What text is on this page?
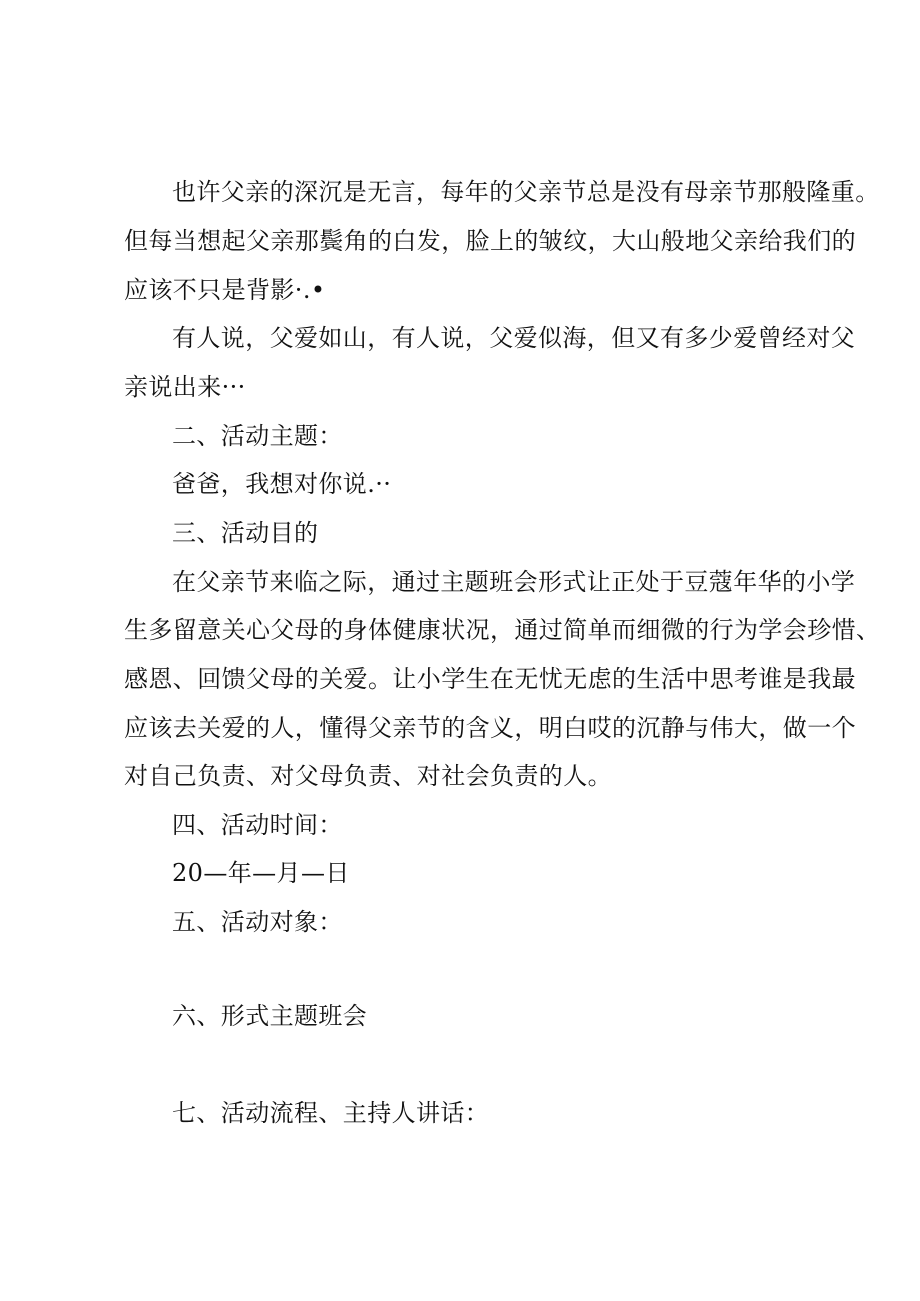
也许父亲的深沉是无言，每年的父亲节总是没有母亲节那般隆重。
但每当想起父亲那鬓角的白发，脸上的皱纹，大山般地父亲给我们的
应该不只是背影·.•
有人说，父爱如山，有人说，父爱似海，但又有多少爱曾经对父
亲说出来···
二、活动主题：
爸爸，我想对你说.··
三、活动目的
在父亲节来临之际，通过主题班会形式让正处于豆蔻年华的小学
生多留意关心父母的身体健康状况，通过简单而细微的行为学会珍惜、
感恩、回馈父母的关爱。让小学生在无忧无虑的生活中思考谁是我最
应该去关爱的人，懂得父亲节的含义，明白哎的沉静与伟大，做一个
对自己负责、对父母负责、对社会负责的人。
四、活动时间：
20—年—月—日
五、活动对象：
六、形式主题班会
七、活动流程、主持人讲话：
